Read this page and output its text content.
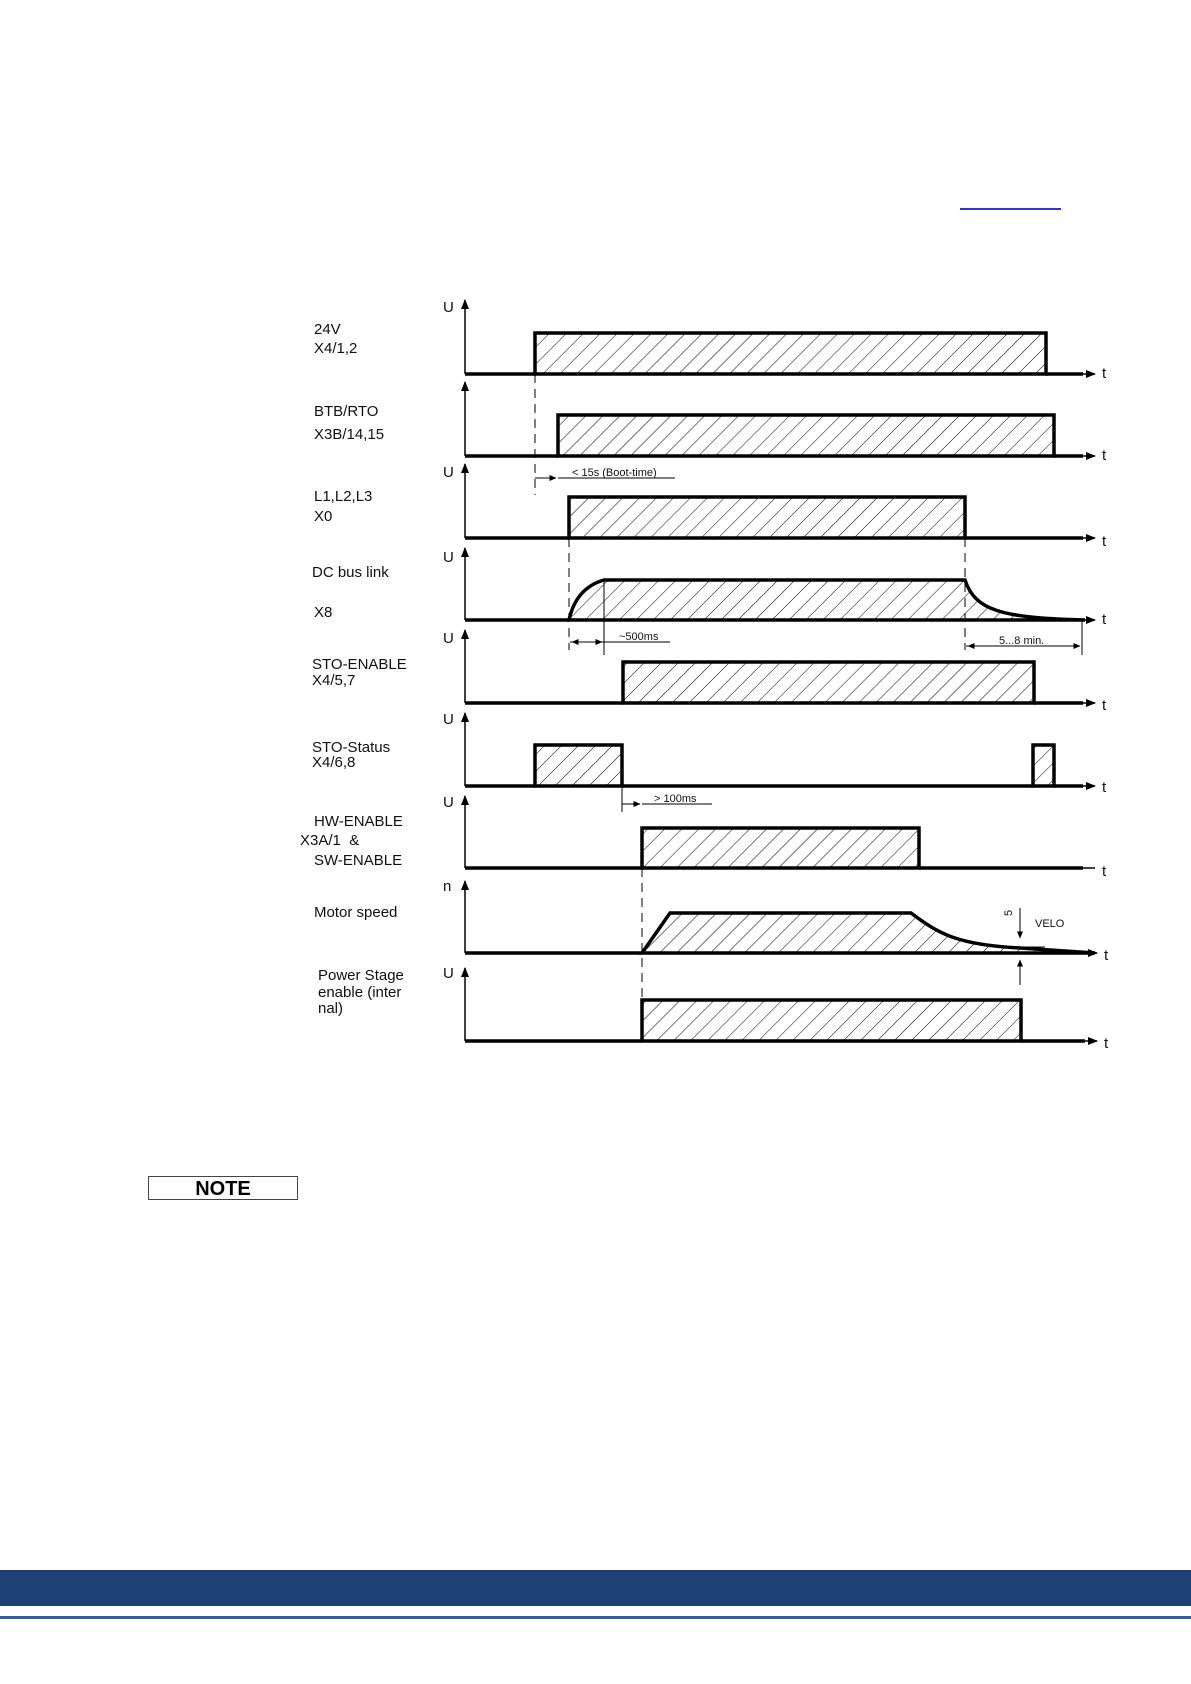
24V X4/1,2
U
t
BTB/RTO X3B/14,15
t
< 15s (Boot-time)
L1,L2,L3 X0
U
t
DC bus link
X8
U
t
~500ms	5...8 min.
STO-ENABLE X4/5,7
U
t
STO-Status X4/6,8
U
t
> 100ms
HW-ENABLE X3A/1  & SW-ENABLE
U
t
Motor speed
n
t
VELO
5
Power Stage enable (inter nal)
U
t
NOTE
